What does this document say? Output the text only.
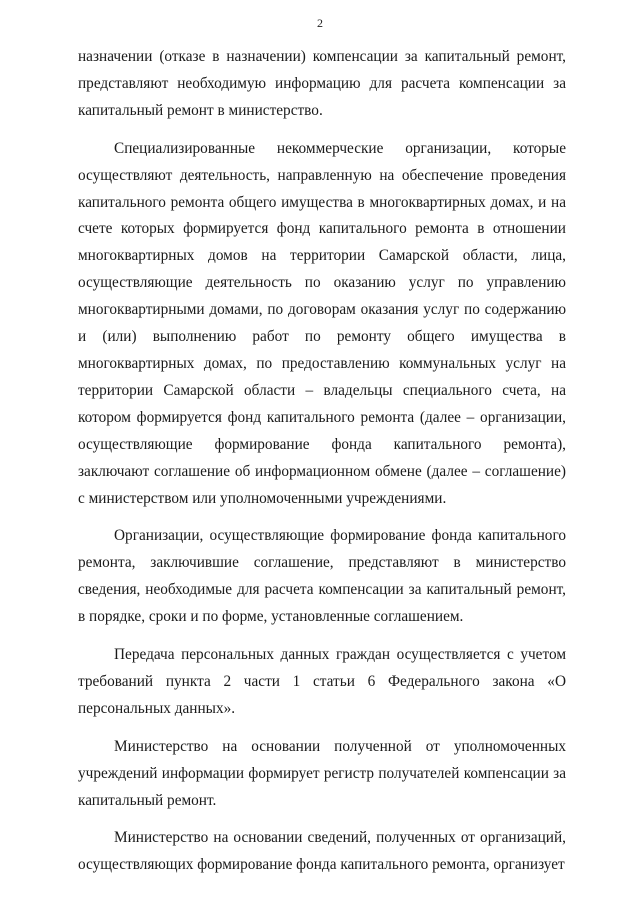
2

назначении (отказе в назначении) компенсации за капитальный ремонт, представляют необходимую информацию для расчета компенсации за капитальный ремонт в министерство.

Специализированные некоммерческие организации, которые осуществляют деятельность, направленную на обеспечение проведения капитального ремонта общего имущества в многоквартирных домах, и на счете которых формируется фонд капитального ремонта в отношении многоквартирных домов на территории Самарской области, лица, осуществляющие деятельность по оказанию услуг по управлению многоквартирными домами, по договорам оказания услуг по содержанию и (или) выполнению работ по ремонту общего имущества в многоквартирных домах, по предоставлению коммунальных услуг на территории Самарской области – владельцы специального счета, на котором формируется фонд капитального ремонта (далее – организации, осуществляющие формирование фонда капитального ремонта), заключают соглашение об информационном обмене (далее – соглашение) с министерством или уполномоченными учреждениями.

Организации, осуществляющие формирование фонда капитального ремонта, заключившие соглашение, представляют в министерство сведения, необходимые для расчета компенсации за капитальный ремонт, в порядке, сроки и по форме, установленные соглашением.

Передача персональных данных граждан осуществляется с учетом требований пункта 2 части 1 статьи 6 Федерального закона «О персональных данных».

Министерство на основании полученной от уполномоченных учреждений информации формирует регистр получателей компенсации за капитальный ремонт.

Министерство на основании сведений, полученных от организаций, осуществляющих формирование фонда капитального ремонта, организует
